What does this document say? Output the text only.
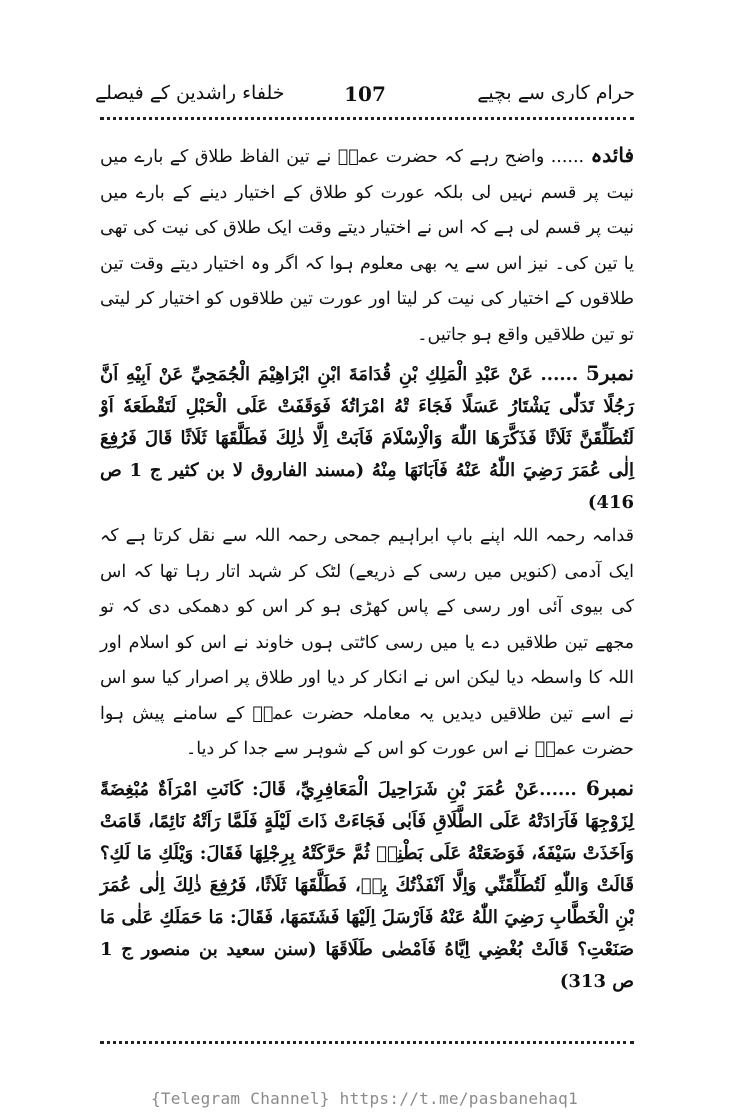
حرام کاری سے بچیے
107
خلفاء راشدین کے فیصلے

فائدہ ...... واضح رہے کہ حضرت عمرؓ نے تین الفاظ طلاق کے بارے میں نیت پر قسم نہیں لی بلکہ عورت کو طلاق کے اختیار دینے کے بارے میں نیت پر قسم لی ہے کہ اس نے اختیار دیتے وقت ایک طلاق کی نیت کی تھی یا تین کی۔ نیز اس سے یہ بھی معلوم ہوا کہ اگر وہ اختیار دیتے وقت تین طلاقوں کے اختیار کی نیت کر لیتا اور عورت تین طلاقوں کو اختیار کر لیتی تو تین طلاقیں واقع ہو جاتیں۔

نمبر5 ...... عَنْ عَبْدِ الْمَلِكِ بْنِ قُدَامَةَ ابْنِ ابْرَاهِيْمَ الْجُمَحِيِّ عَنْ اَبِيْهِ اَنَّ رَجُلًا تَدَلّٰى يَشْتَارُ عَسَلًا فَجَاءَ تْهُ امْرَاتُهٗ فَوَقَفَتْ عَلَى الْحَبْلِ لَتَقْطَعَهٗ اَوْ لَتُطَلِّقَنَّ ثَلَاثًا فَذَكَّرَهَا اللّٰهَ وَالْاِسْلَامَ فَاَبَتْ اِلَّا ذٰلِكَ فَطَلَّقَهَا ثَلَاثًا قَالَ فَرُفِعَ اِلٰى عُمَرَ رَضِيَ اللّٰهُ عَنْهُ فَاَبَانَهَا مِنْهُ (مسند الفاروق لا بن کثیر ج 1 ص 416)

قدامہ رحمہ اللہ اپنے باپ ابراہیم جمحی رحمہ اللہ سے نقل کرتا ہے کہ ایک آدمی (کنویں میں رسی کے ذریعے) لٹک کر شہد اتار رہا تھا کہ اس کی بیوی آئی اور رسی کے پاس کھڑی ہو کر اس کو دھمکی دی کہ تو مجھے تین طلاقیں دے یا میں رسی کاٹتی ہوں خاوند نے اس کو اسلام اور اللہ کا واسطہ دیا لیکن اس نے انکار کر دیا اور طلاق پر اصرار کیا سو اس نے اسے تین طلاقیں دیدیں یہ معاملہ حضرت عمرؓ کے سامنے پیش ہوا حضرت عمرؓ نے اس عورت کو اس کے شوہر سے جدا کر دیا۔

نمبر6 ......عَنْ عُمَرَ بْنِ شَرَاحِيلَ الْمَعَافِرِيِّ، قَالَ: كَانَتِ امْرَاَةٌ مُبْغِضَةً لِزَوْجِهَا فَاَرَادَتْهُ عَلَى الطَّلَاقِ فَاَبٰى فَجَاءَتْ ذَاتَ لَيْلَةٍ فَلَمَّا رَاَتْهُ نَائِمًا، قَامَتْ وَاَخَذَتْ سَيْفَهٗ، فَوَضَعَتْهُ عَلَى بَطْنِهٖ ثُمَّ حَرَّكَتْهُ بِرِجْلِهَا فَقَالَ: وَيْلَكِ مَا لَكِ؟ قَالَتْ وَاللّٰهِ لَتُطَلِّقَنِّي وَاِلَّا اَنْفَذْتُكَ بِهٖ، فَطَلَّقَهَا ثَلَاثًا، فَرُفِعَ ذٰلِكَ اِلٰى عُمَرَ بْنِ الْخَطَّابِ رَضِيَ اللّٰهُ عَنْهُ فَاَرْسَلَ اِلَيْهَا فَشَتَمَهَا، فَقَالَ: مَا حَمَلَكِ عَلٰى مَا صَنَعْتِ؟ قَالَتْ بُغْضِي اِيَّاهُ فَاَمْضٰى طَلَاقَهَا (سنن سعید بن منصور ج 1 ص 313)

{Telegram Channel} https://t.me/pasbanehaq1
